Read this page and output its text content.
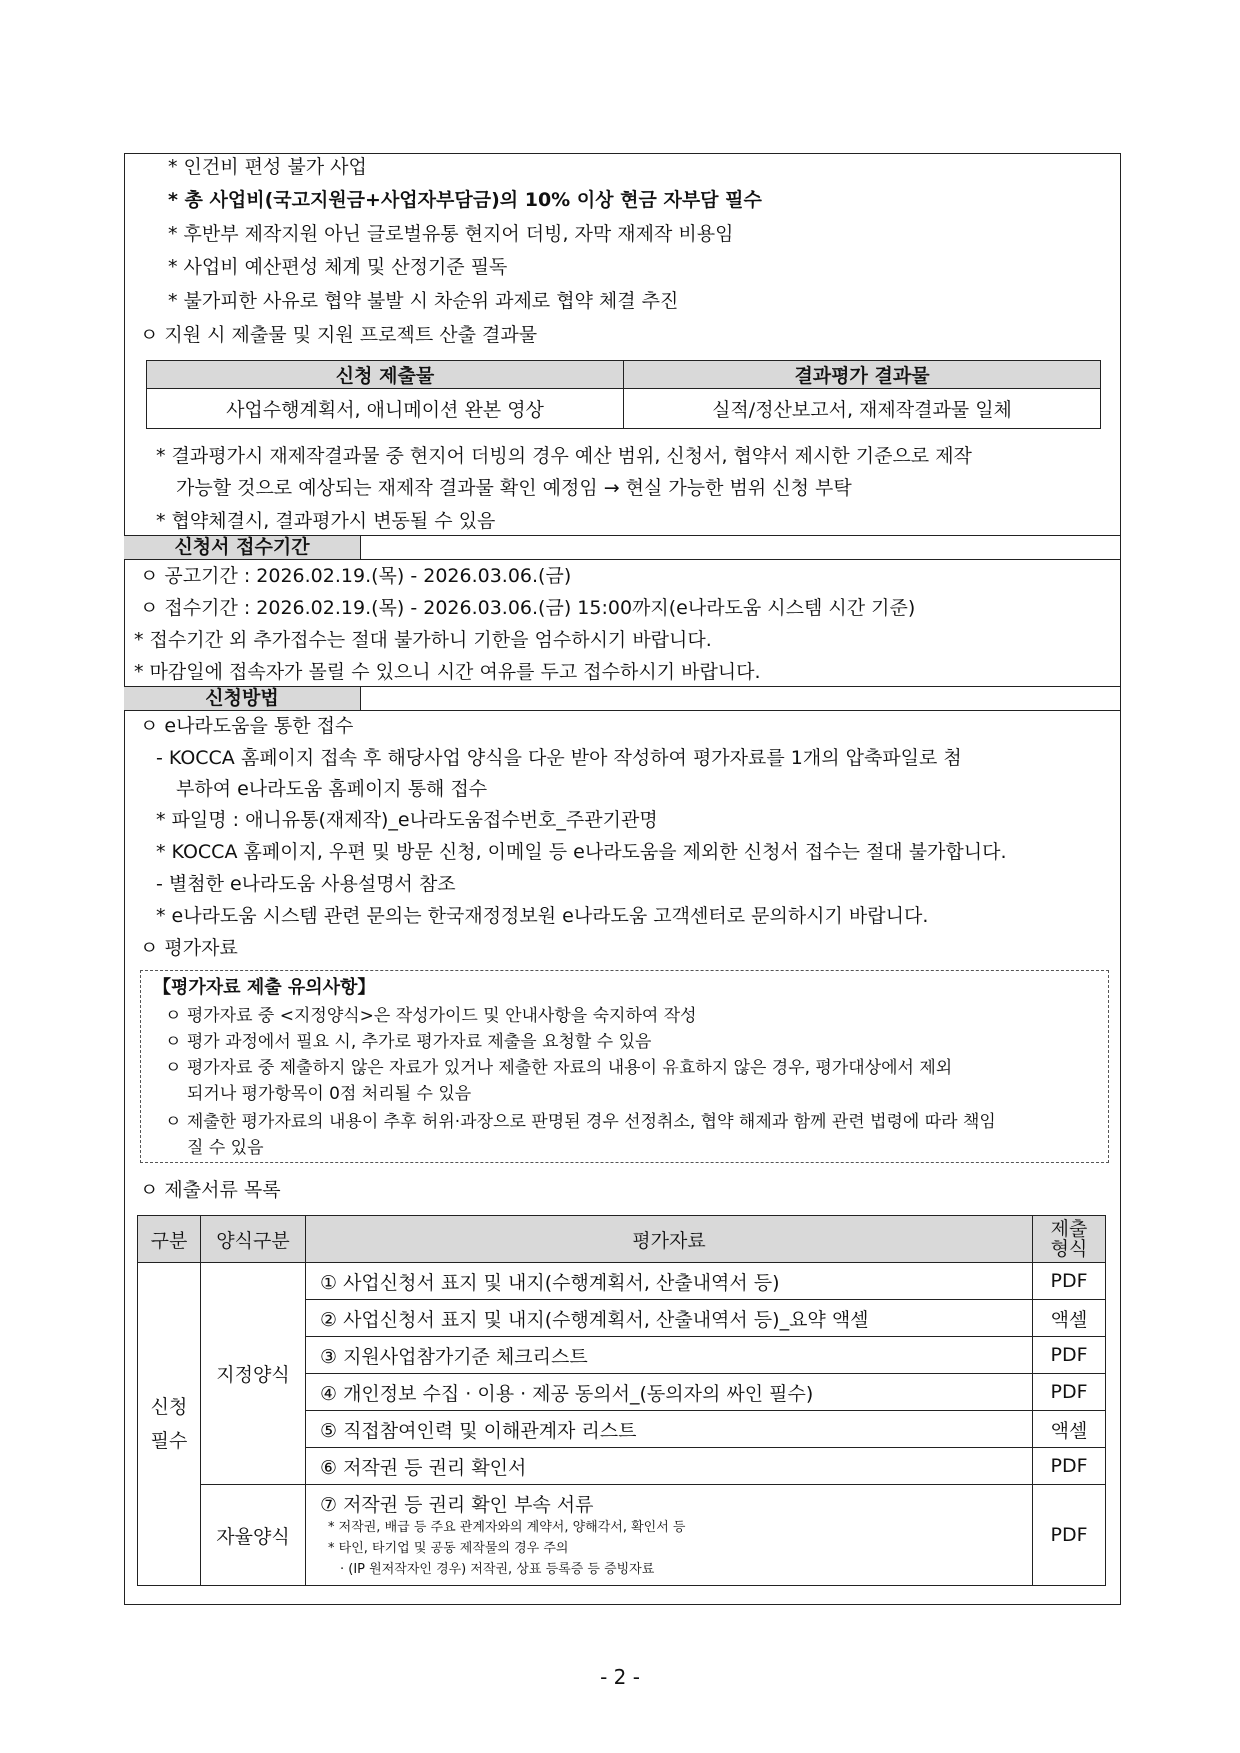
* 인건비 편성 불가 사업
* 총 사업비(국고지원금+사업자부담금)의 10% 이상 현금 자부담 필수
* 후반부 제작지원 아닌 글로벌유통 현지어 더빙, 자막 재제작 비용임
* 사업비 예산편성 체계 및 산정기준 필독
* 불가피한 사유로 협약 불발 시 차순위 과제로 협약 체결 추진
ㅇ 지원 시 제출물 및 지원 프로젝트 산출 결과물
신청 제출물	결과평가 결과물
사업수행계획서, 애니메이션 완본 영상	실적/정산보고서, 재제작결과물 일체
* 결과평가시 재제작결과물 중 현지어 더빙의 경우 예산 범위, 신청서, 협약서 제시한 기준으로 제작
가능할 것으로 예상되는 재제작 결과물 확인 예정임 → 현실 가능한 범위 신청 부탁
* 협약체결시, 결과평가시 변동될 수 있음
신청서 접수기간
ㅇ 공고기간 : 2026.02.19.(목) - 2026.03.06.(금)
ㅇ 접수기간 : 2026.02.19.(목) - 2026.03.06.(금) 15:00까지(e나라도움 시스템 시간 기준)
* 접수기간 외 추가접수는 절대 불가하니 기한을 엄수하시기 바랍니다.
* 마감일에 접속자가 몰릴 수 있으니 시간 여유를 두고 접수하시기 바랍니다.
신청방법
ㅇ e나라도움을 통한 접수
- KOCCA 홈페이지 접속 후 해당사업 양식을 다운 받아 작성하여 평가자료를 1개의 압축파일로 첨
부하여 e나라도움 홈페이지 통해 접수
* 파일명 : 애니유통(재제작)_e나라도움접수번호_주관기관명
* KOCCA 홈페이지, 우편 및 방문 신청, 이메일 등 e나라도움을 제외한 신청서 접수는 절대 불가합니다.
- 별첨한 e나라도움 사용설명서 참조
* e나라도움 시스템 관련 문의는 한국재정정보원 e나라도움 고객센터로 문의하시기 바랍니다.
ㅇ 평가자료
【평가자료 제출 유의사항】
ㅇ 평가자료 중 <지정양식>은 작성가이드 및 안내사항을 숙지하여 작성
ㅇ 평가 과정에서 필요 시, 추가로 평가자료 제출을 요청할 수 있음
ㅇ 평가자료 중 제출하지 않은 자료가 있거나 제출한 자료의 내용이 유효하지 않은 경우, 평가대상에서 제외
되거나 평가항목이 0점 처리될 수 있음
ㅇ 제출한 평가자료의 내용이 추후 허위·과장으로 판명된 경우 선정취소, 협약 해제과 함께 관련 법령에 따라 책임
질 수 있음
ㅇ 제출서류 목록
구분	양식구분	평가자료	제출
형식
신청
필수	지정양식	① 사업신청서 표지 및 내지(수행계획서, 산출내역서 등)	PDF
		② 사업신청서 표지 및 내지(수행계획서, 산출내역서 등)_요약 액셀	액셀
		③ 지원사업참가기준 체크리스트	PDF
		④ 개인정보 수집 · 이용 · 제공 동의서_(동의자의 싸인 필수)	PDF
		⑤ 직접참여인력 및 이해관계자 리스트	액셀
		⑥ 저작권 등 권리 확인서	PDF
	자율양식	⑦ 저작권 등 권리 확인 부속 서류
* 저작권, 배급 등 주요 관계자와의 계약서, 양해각서, 확인서 등
* 타인, 타기업 및 공동 제작물의 경우 주의
· (IP 원저작자인 경우) 저작권, 상표 등록증 등 증빙자료	PDF
- 2 -
